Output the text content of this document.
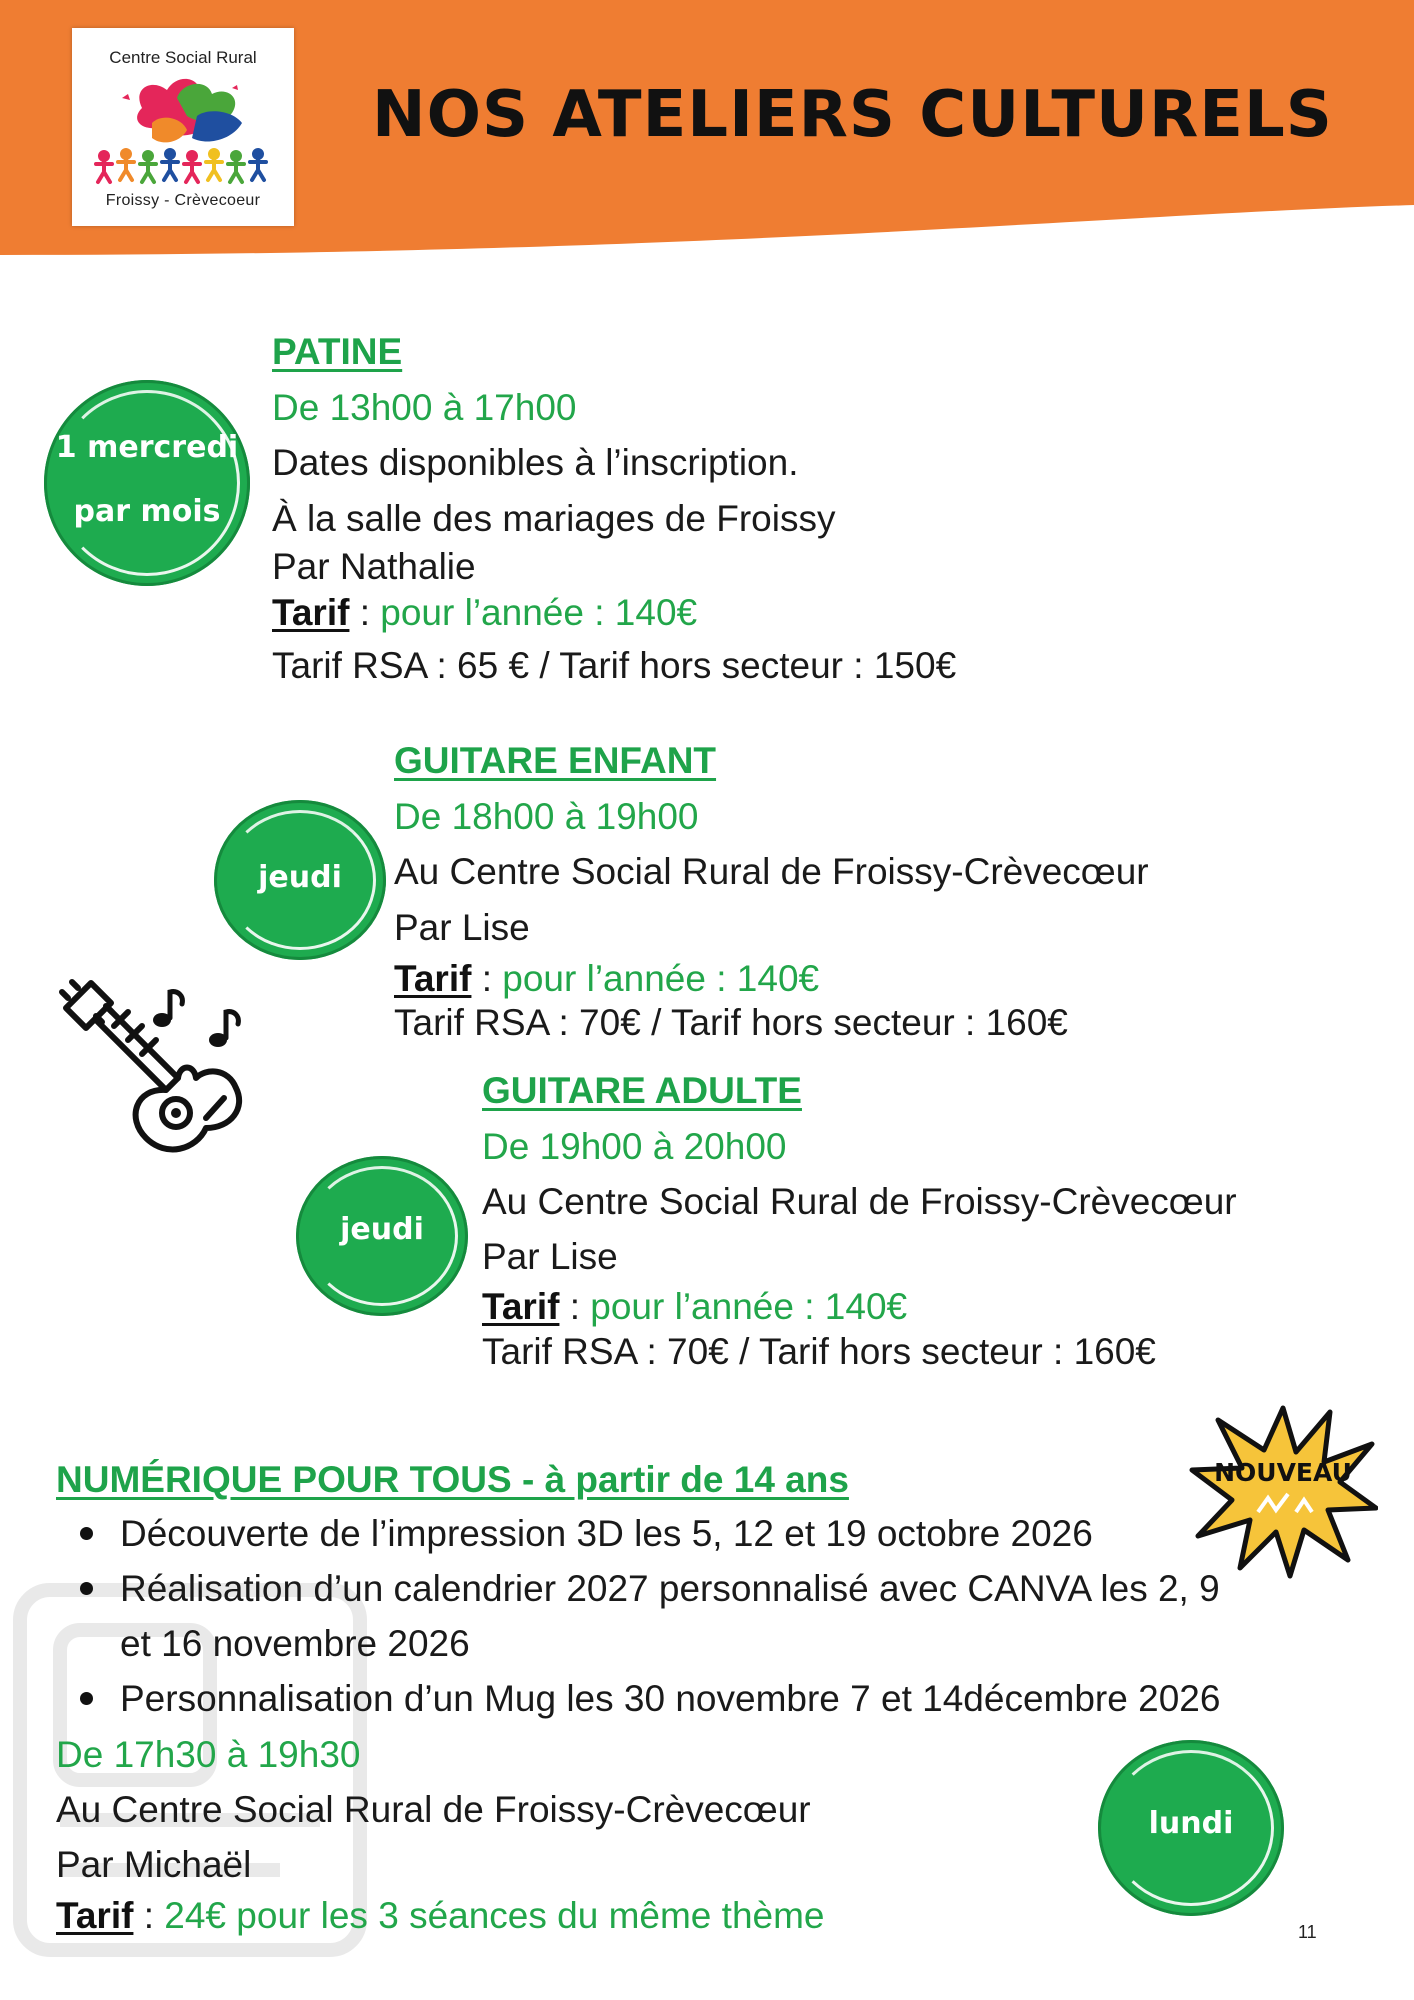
Centre Social Rural
Froissy - Crèvecoeur
NOS ATELIERS CULTURELS
PATINE
De 13h00 à 17h00
Dates disponibles à l’inscription.
À la salle des mariages de Froissy
Par Nathalie
Tarif : pour l’année : 140€
Tarif RSA : 65 € / Tarif hors secteur : 150€
1 mercredi
par mois
GUITARE ENFANT
De 18h00 à 19h00
Au Centre Social Rural de Froissy-Crèvecœur
Par Lise
Tarif : pour l’année : 140€
Tarif RSA : 70€ / Tarif hors secteur : 160€
jeudi
GUITARE ADULTE
De 19h00 à 20h00
Au Centre Social Rural de Froissy-Crèvecœur
Par Lise
Tarif : pour l’année : 140€
Tarif RSA : 70€ / Tarif hors secteur : 160€
jeudi
NUMÉRIQUE POUR TOUS - à partir de 14 ans	NOUVEAU
Découverte de l’impression 3D les 5, 12 et 19 octobre 2026
Réalisation d’un calendrier 2027 personnalisé avec CANVA les 2, 9
et 16 novembre 2026
Personnalisation d’un Mug les 30 novembre 7 et 14décembre 2026
De 17h30 à 19h30
Au Centre Social Rural de Froissy-Crèvecœur
Par Michaël
Tarif : 24€ pour les 3 séances du même thème
lundi
11
